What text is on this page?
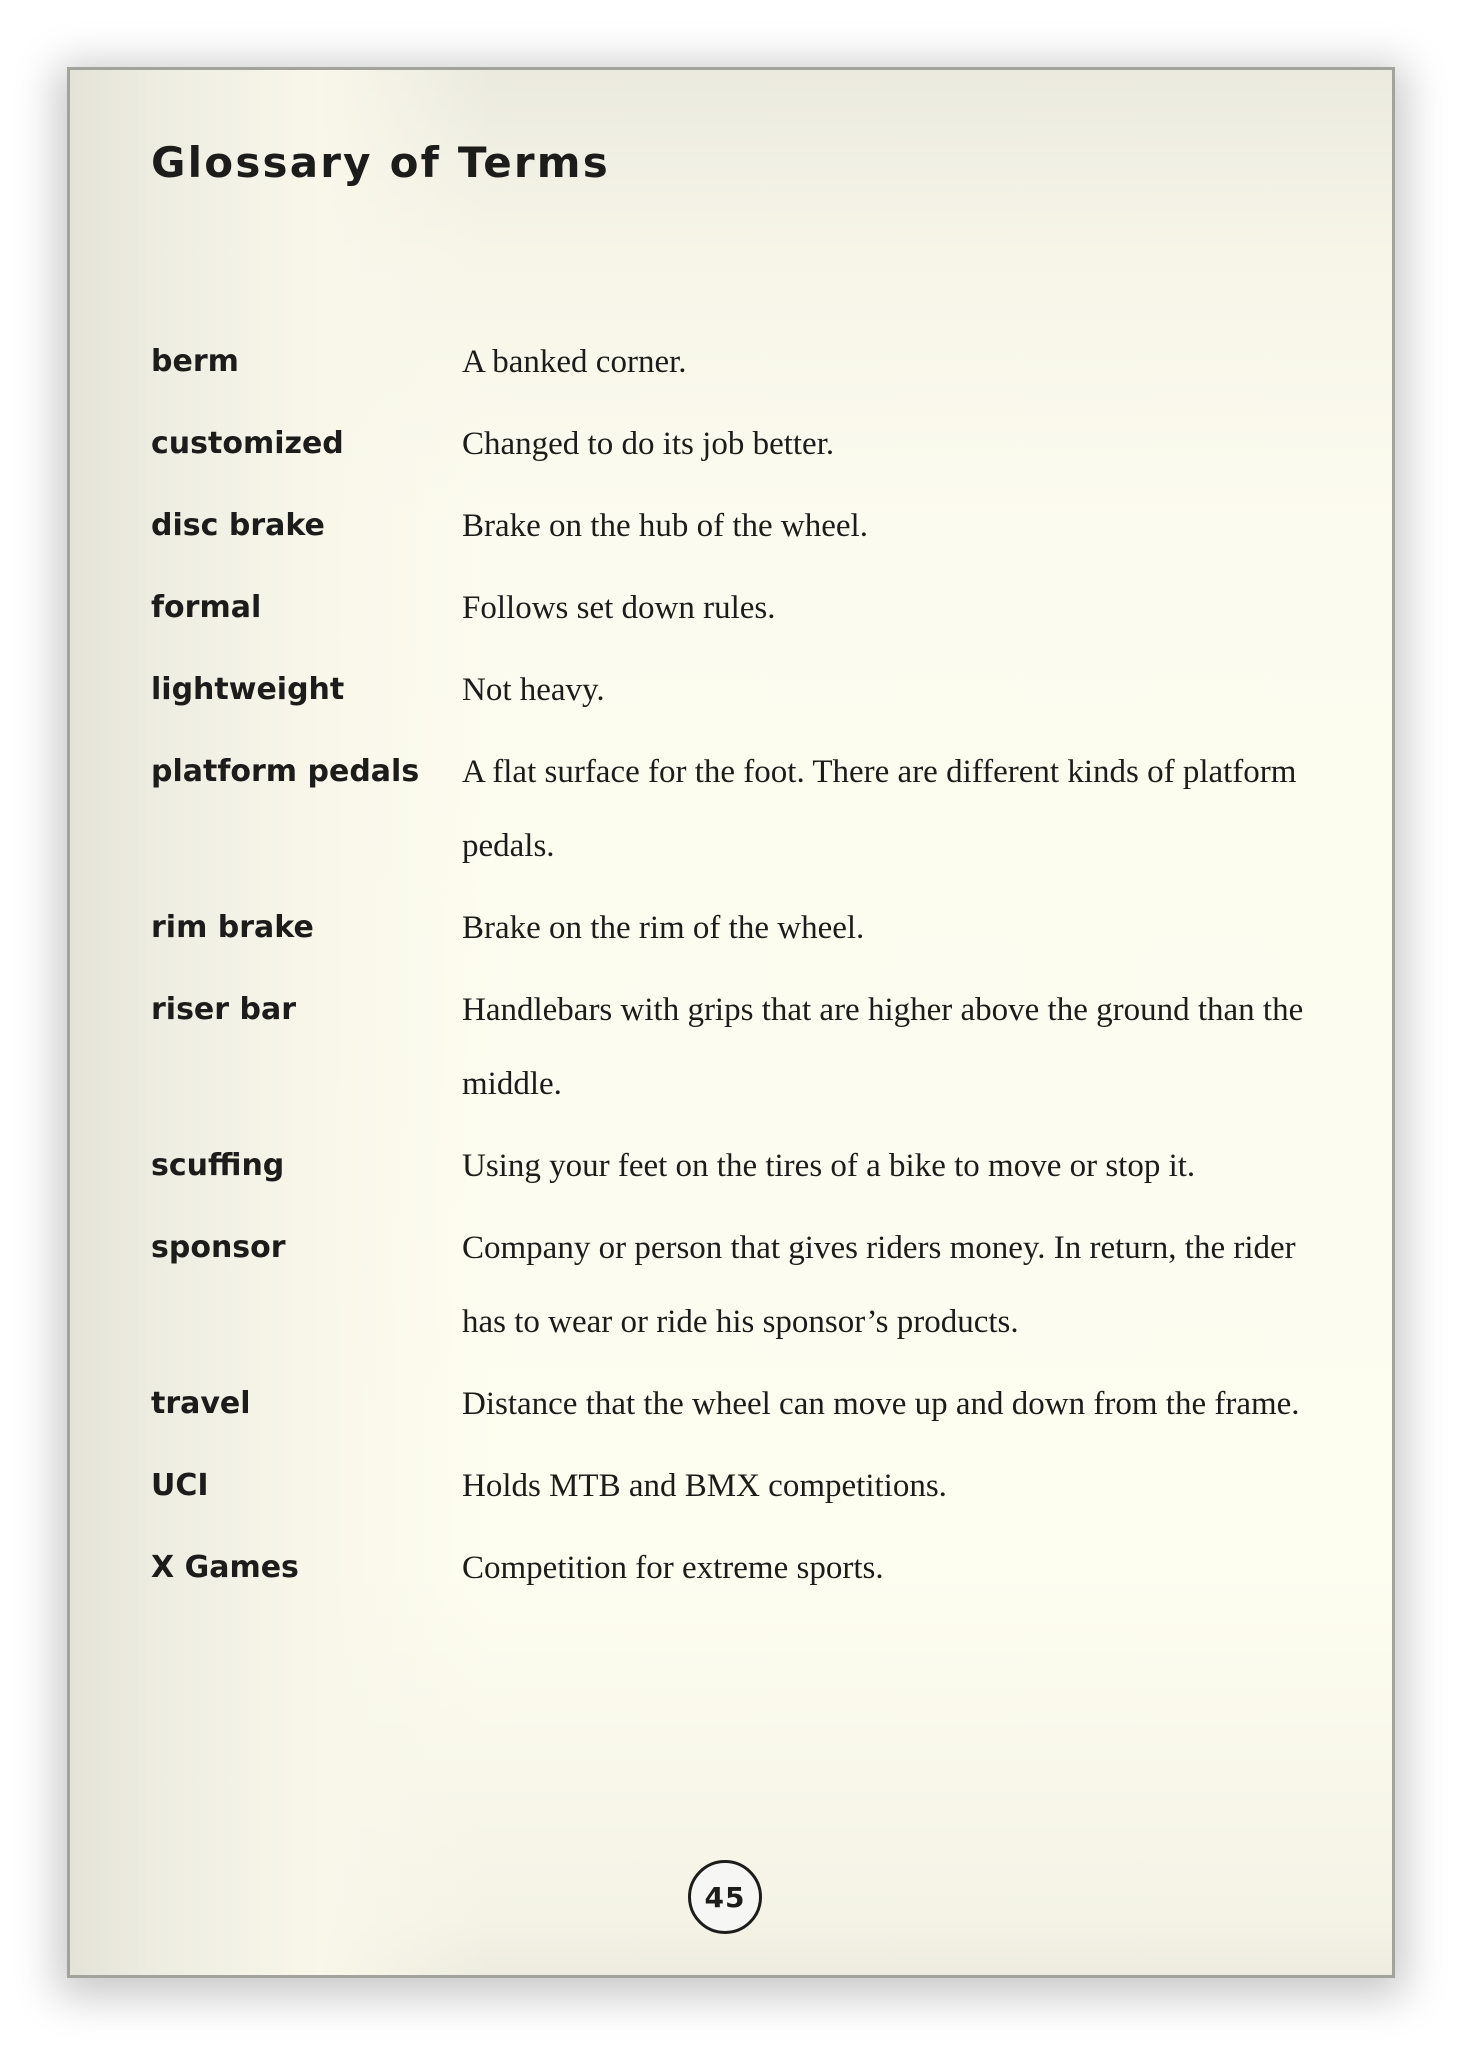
Glossary of Terms
berm	A banked corner.
customized	Changed to do its job better.
disc brake	Brake on the hub of the wheel.
formal	Follows set down rules.
lightweight	Not heavy.
platform pedals	A flat surface for the foot. There are different kinds of platform pedals.
rim brake	Brake on the rim of the wheel.
riser bar	Handlebars with grips that are higher above the ground than the middle.
scuffing	Using your feet on the tires of a bike to move or stop it.
sponsor	Company or person that gives riders money. In return, the rider has to wear or ride his sponsor’s products.
travel	Distance that the wheel can move up and down from the frame.
UCI	Holds MTB and BMX competitions.
X Games	Competition for extreme sports.
45
